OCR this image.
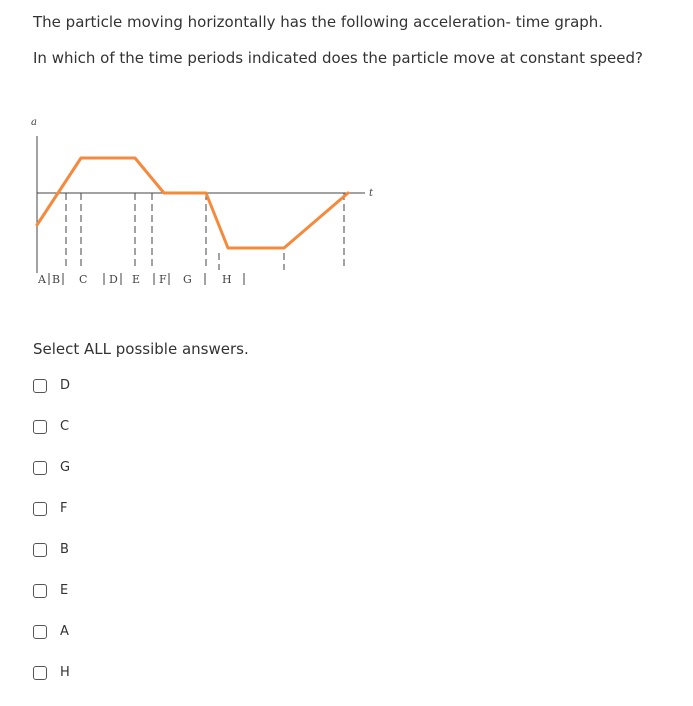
The particle moving horizontally has the following acceleration- time graph.
In which of the time periods indicated does the particle move at constant speed?
a
t
A B C D E F G	H
Select ALL possible answers.
D
C
G
F
B
E
A
H
